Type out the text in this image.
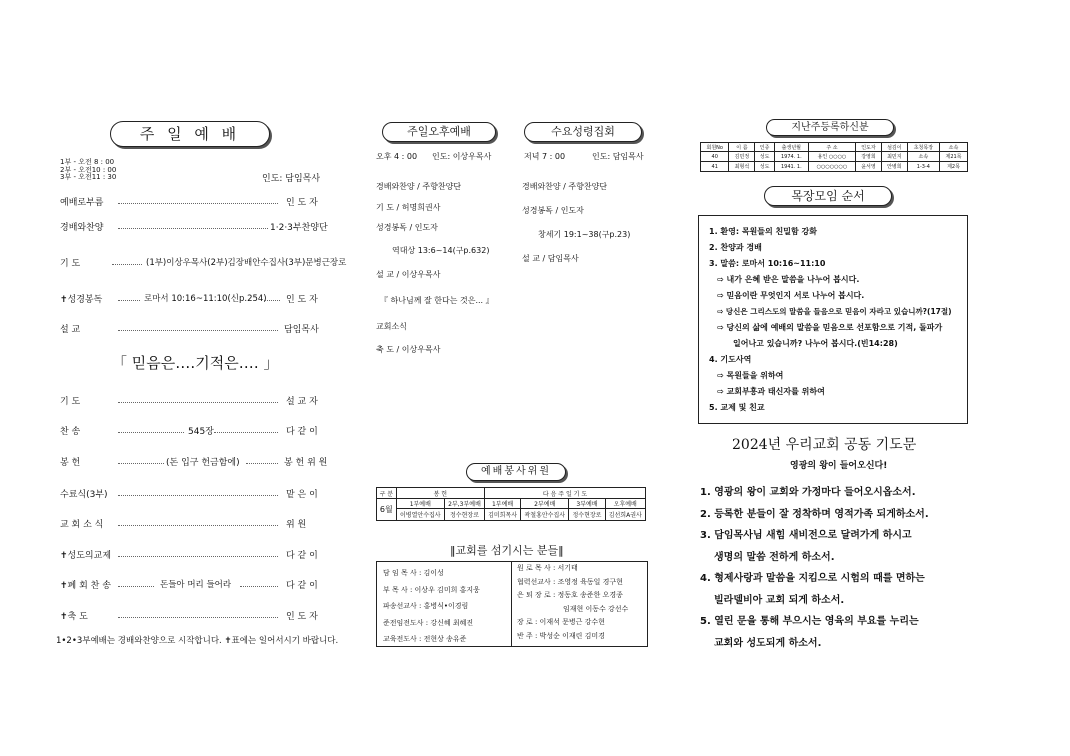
주 일 예 배
1부 - 오전 8 : 00
2부 - 오전10 : 00
3부 - 오전11 : 30	인도: 담임목사
예배로부름	인 도 자
경배와찬양	1·2·3부찬양단
기 도	(1부)이상우목사(2부)김장배안수집사(3부)문병근장로
✝성경봉독	로마서 10:16~11:10(신p.254) 인 도 자
설 교	담임목사
「 믿음은‥‥기적은‥‥ 」
기 도	설 교 자
찬 송	545장	다 같 이
봉 헌	(돈 입구 헌금함에)	봉 헌 위 원
수료식(3부)	맡 은 이
교 회 소 식	위 원
✝성도의교제	다 같 이
✝폐 회 찬 송	돈들아 머리 들어라	다 같 이
✝축 도	인 도 자
1•2•3부예배는 경배와찬양으로 시작합니다. ✝표에는 일어서시기 바랍니다.
주일오후예배	수요성령집회
오후 4 : 00 인도: 이상우목사
경배와찬양 / 주향찬양단
기 도 / 허명희권사
성경봉독 / 인도자
역대상 13:6~14(구p.632)
설 교 / 이상우목사
『 하나님께 잘 한다는 것은... 』
교회소식
축 도 / 이상우목사
저녁 7 : 00	인도: 담임목사
경배와찬양 / 주향찬양단
성경봉독 / 인도자
창세기 19:1~38(구p.23)
설 교 / 담임목사
예배봉사위원
구 분	봉 헌		다 음 주 일 기 도			
6월	1부예배	2부,3부예배	1부예배	2부예배	3부예배	오후예배
	이병열안수집사	정수현장로	김미희목사	곽철홍안수집사	정수현장로	김선희A권사
‖교회를 섬기시는 분들‖
담 임 목 사 : 김이성
부 목 사 : 이상우 김미희 홍지웅
파송선교사 : 홍병식•이경림
준전임전도사 : 강신혜 최혜진
교육전도사 : 전현상 송유준
원 로 목 사 : 서기태
협력선교사 : 조영정 육동일 경구현
은 퇴 장 로 : 정동호 송준한 오경종
임재현 이동수 강선수
장 로 : 이재석 문병근 강수현
반 주 : 박성순 이재린 김미경
지난주등록하신분
회원No	이 름	인증	출생년월	주 소	인도자	섬김이	초청목장	소속
40	김민정	성도	1974. 1.	용인 ○○○○	강영희	최민지	소속	제21목
41	최형석	성도	1941. 1.	○○○○○○○	윤서영	안병희	1-3-4	제2목
목장모임 순서
1. 환영: 목원들의 친밀함 강화
2. 찬양과 경배
3. 말씀: 로마서 10:16~11:10
⇨ 내가 은혜 받은 말씀을 나누어 봅시다.
⇨ 믿음이란 무엇인지 서로 나누어 봅시다.
⇨ 당신은 그리스도의 말씀을 들음으로 믿음이 자라고 있습니까?(17절)
⇨ 당신의 삶에 예배의 말씀을 믿음으로 선포함으로 기적, 돌파가
일어나고 있습니까? 나누어 봅시다.(빈14:28)
4. 기도사역
⇨ 목원들을 위하여
⇨ 교회부흥과 태신자를 위하여
5. 교제 및 친교
2024년 우리교회 공동 기도문
영광의 왕이 들어오신다!
1. 영광의 왕이 교회와 가정마다 들어오시옵소서.
2. 등록한 분들이 잘 정착하며 영적가족 되게하소서.
3. 담임목사님 새힘 새비전으로 달려가게 하시고
생명의 말씀 전하게 하소서.
4. 형제사랑과 말씀을 지킴으로 시험의 때를 면하는
빌라델비아 교회 되게 하소서.
5. 열린 문을 통해 부으시는 영육의 부요를 누리는
교회와 성도되게 하소서.
